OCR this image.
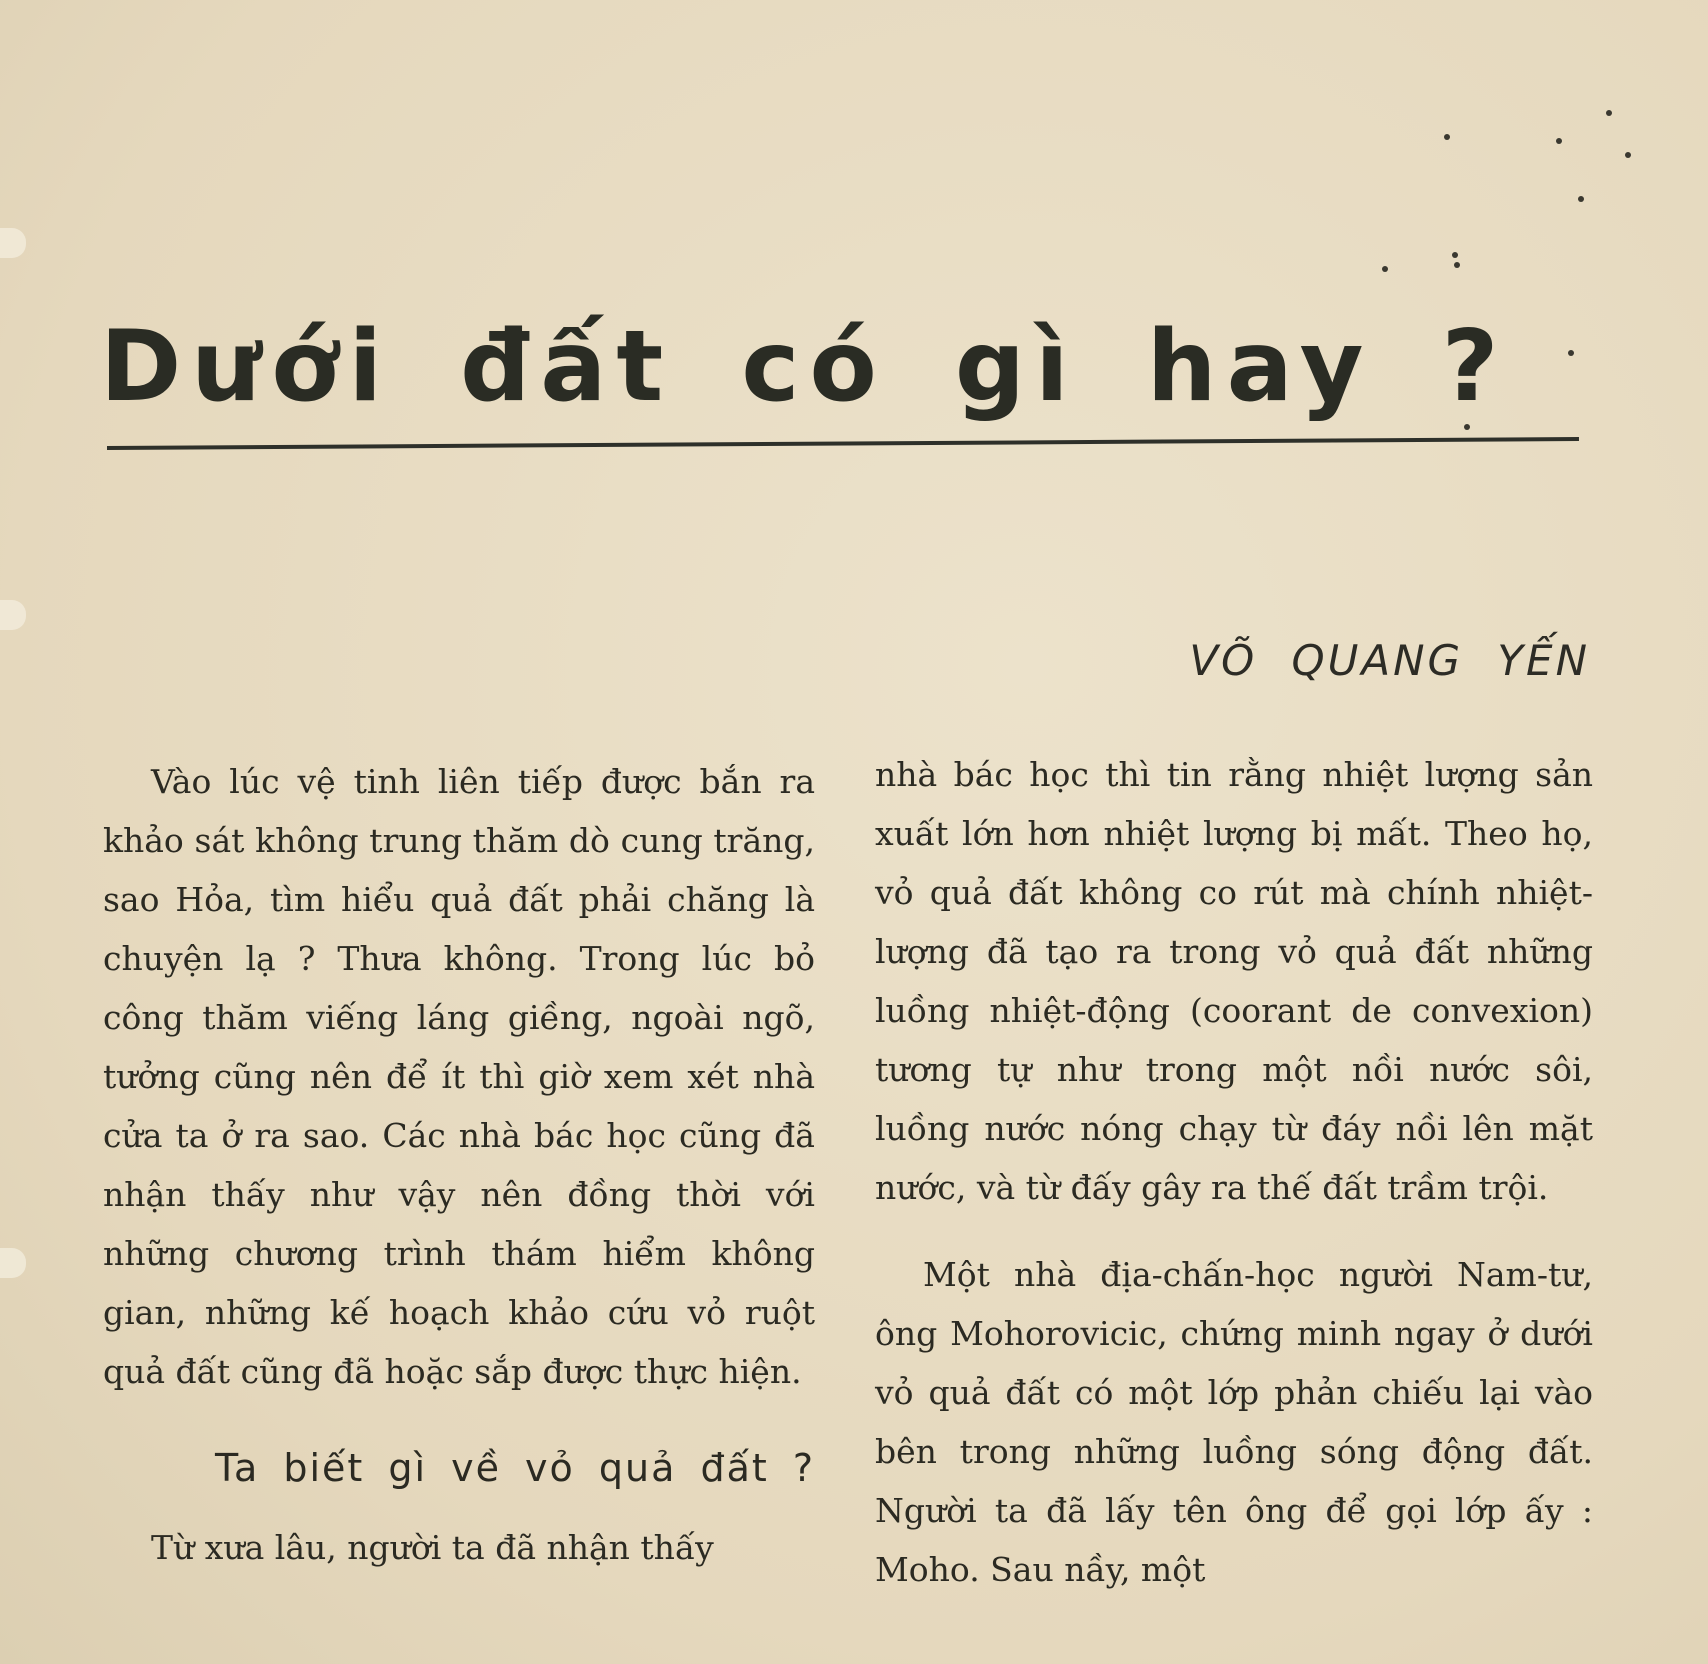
Dưới đất có gì hay ?
VÕ QUANG YẾN

Vào lúc vệ tinh liên tiếp được bắn ra khảo sát không trung thăm dò cung trăng, sao Hỏa, tìm hiểu quả đất phải chăng là chuyện lạ ? Thưa không. Trong lúc bỏ công thăm viếng láng giềng, ngoài ngõ, tưởng cũng nên để ít thì giờ xem xét nhà cửa ta ở ra sao. Các nhà bác học cũng đã nhận thấy như vậy nên đồng thời với những chương trình thám hiểm không gian, những kế hoạch khảo cứu vỏ ruột quả đất cũng đã hoặc sắp được thực hiện.

Ta biết gì về vỏ quả đất ?

Từ xưa lâu, người ta đã nhận thấy

nhà bác học thì tin rằng nhiệt lượng sản xuất lớn hơn nhiệt lượng bị mất. Theo họ, vỏ quả đất không co rút mà chính nhiệt-lượng đã tạo ra trong vỏ quả đất những luồng nhiệt-động (coorant de convexion) tương tự như trong một nồi nước sôi, luồng nước nóng chạy từ đáy nồi lên mặt nước, và từ đấy gây ra thế đất trầm trội.

Một nhà địa-chấn-học người Nam-tư, ông Mohorovicic, chứng minh ngay ở dưới vỏ quả đất có một lớp phản chiếu lại vào bên trong những luồng sóng động đất. Người ta đã lấy tên ông để gọi lớp ấy : Moho. Sau nầy, một
